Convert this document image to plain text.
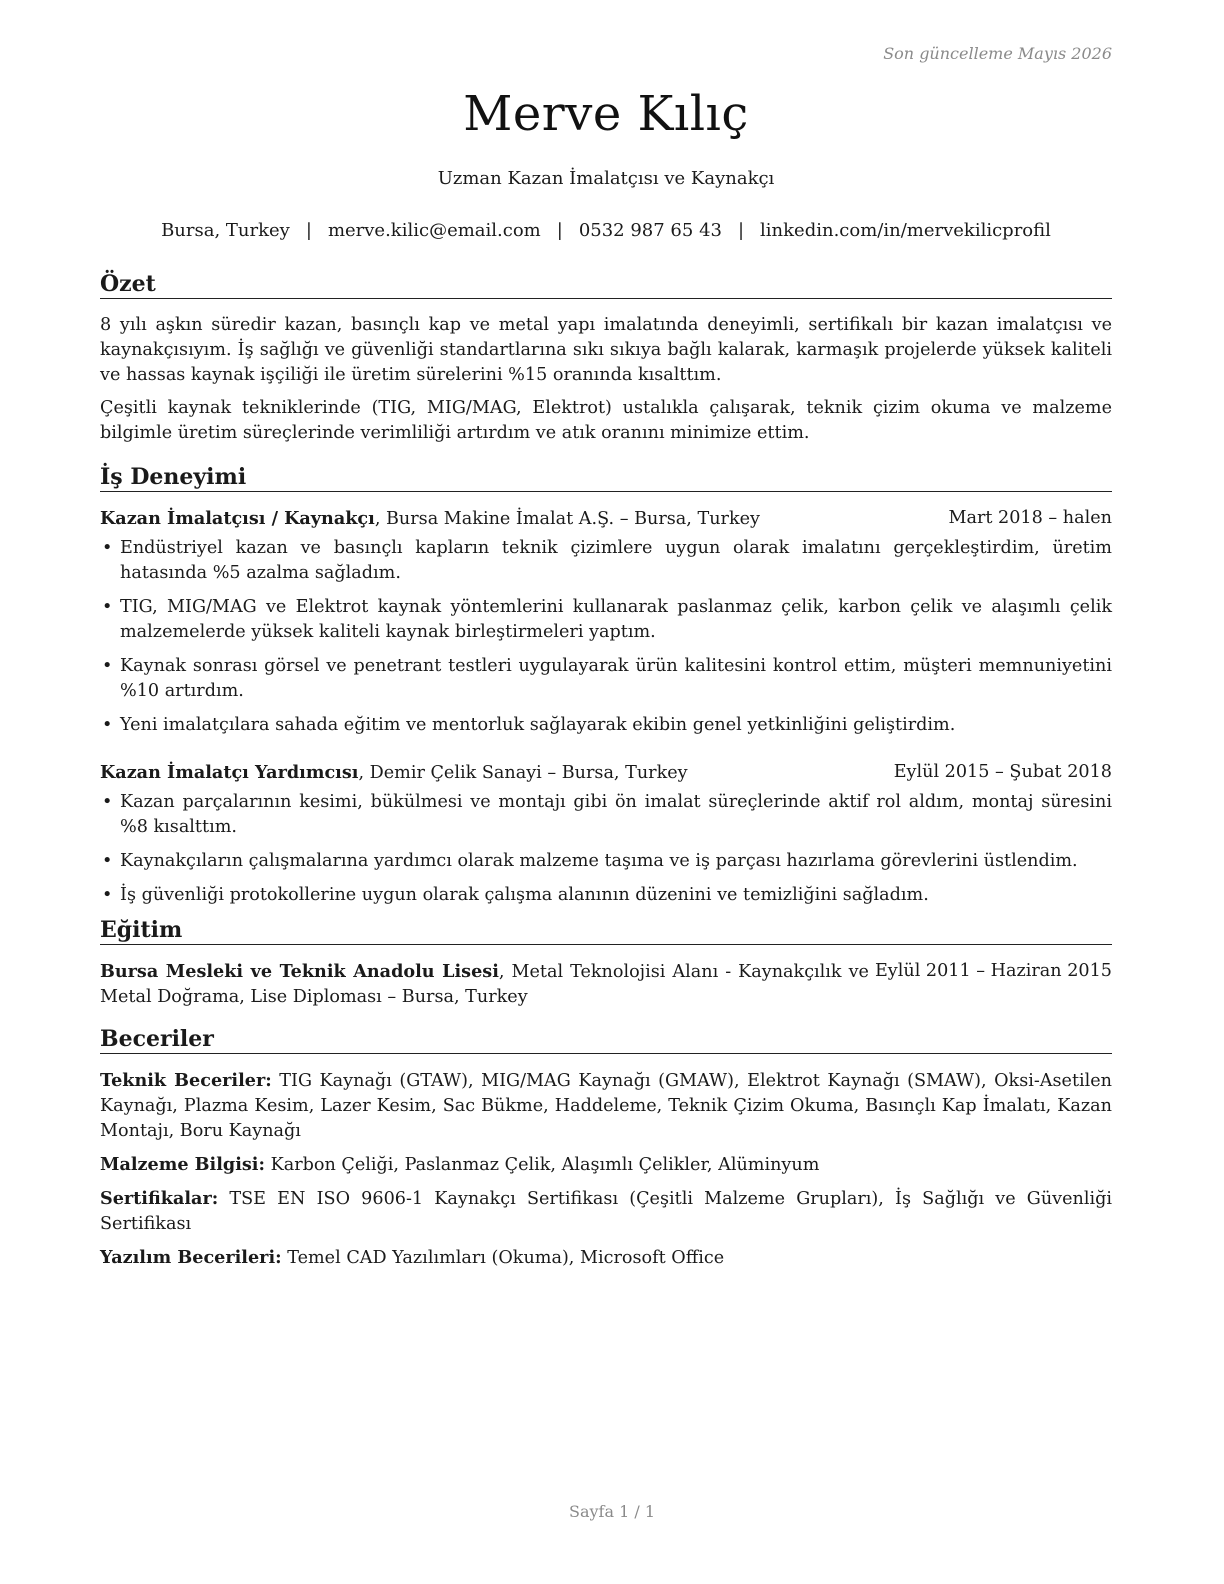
Son güncelleme Mayıs 2026
Merve Kılıç
Uzman Kazan İmalatçısı ve Kaynakçı
Bursa, Turkey | merve.kilic@email.com | 0532 987 65 43 | linkedin.com/in/mervekilicprofil
Özet

8 yılı aşkın süredir kazan, basınçlı kap ve metal yapı imalatında deneyimli, sertifikalı bir kazan imalatçısı ve kaynakçısıyım. İş sağlığı ve güvenliği standartlarına sıkı sıkıya bağlı kalarak, karmaşık projelerde yüksek kaliteli ve hassas kaynak işçiliği ile üretim sürelerini %15 oranında kısalttım.

Çeşitli kaynak tekniklerinde (TIG, MIG/MAG, Elektrot) ustalıkla çalışarak, teknik çizim okuma ve malzeme bilgimle üretim süreçlerinde verimliliği artırdım ve atık oranını minimize ettim.

İş Deneyimi
Kazan İmalatçısı / Kaynakçı, Bursa Makine İmalat A.Ş. – Bursa, Turkey	Mart 2018 – halen
• Endüstriyel kazan ve basınçlı kapların teknik çizimlere uygun olarak imalatını gerçekleştirdim, üretim hatasında %5 azalma sağladım.
• TIG, MIG/MAG ve Elektrot kaynak yöntemlerini kullanarak paslanmaz çelik, karbon çelik ve alaşımlı çelik malzemelerde yüksek kaliteli kaynak birleştirmeleri yaptım.
• Kaynak sonrası görsel ve penetrant testleri uygulayarak ürün kalitesini kontrol ettim, müşteri memnuniyetini %10 artırdım.
• Yeni imalatçılara sahada eğitim ve mentorluk sağlayarak ekibin genel yetkinliğini geliştirdim.
Kazan İmalatçı Yardımcısı, Demir Çelik Sanayi – Bursa, Turkey	Eylül 2015 – Şubat 2018
• Kazan parçalarının kesimi, bükülmesi ve montajı gibi ön imalat süreçlerinde aktif rol aldım, montaj süresini %8 kısalttım.
• Kaynakçıların çalışmalarına yardımcı olarak malzeme taşıma ve iş parçası hazırlama görevlerini üstlendim.
• İş güvenliği protokollerine uygun olarak çalışma alanının düzenini ve temizliğini sağladım.
Eğitim
Eylül 2011 – Haziran 2015
Bursa Mesleki ve Teknik Anadolu Lisesi, Metal Teknolojisi Alanı - Kaynakçılık ve Metal Doğrama, Lise Diploması – Bursa, Turkey
Beceriler
Teknik Beceriler: TIG Kaynağı (GTAW), MIG/MAG Kaynağı (GMAW), Elektrot Kaynağı (SMAW), Oksi-Asetilen Kaynağı, Plazma Kesim, Lazer Kesim, Sac Bükme, Haddeleme, Teknik Çizim Okuma, Basınçlı Kap İmalatı, Kazan Montajı, Boru Kaynağı
Malzeme Bilgisi: Karbon Çeliği, Paslanmaz Çelik, Alaşımlı Çelikler, Alüminyum
Sertifikalar: TSE EN ISO 9606-1 Kaynakçı Sertifikası (Çeşitli Malzeme Grupları), İş Sağlığı ve Güvenliği Sertifikası
Yazılım Becerileri: Temel CAD Yazılımları (Okuma), Microsoft Office
Sayfa 1 / 1
